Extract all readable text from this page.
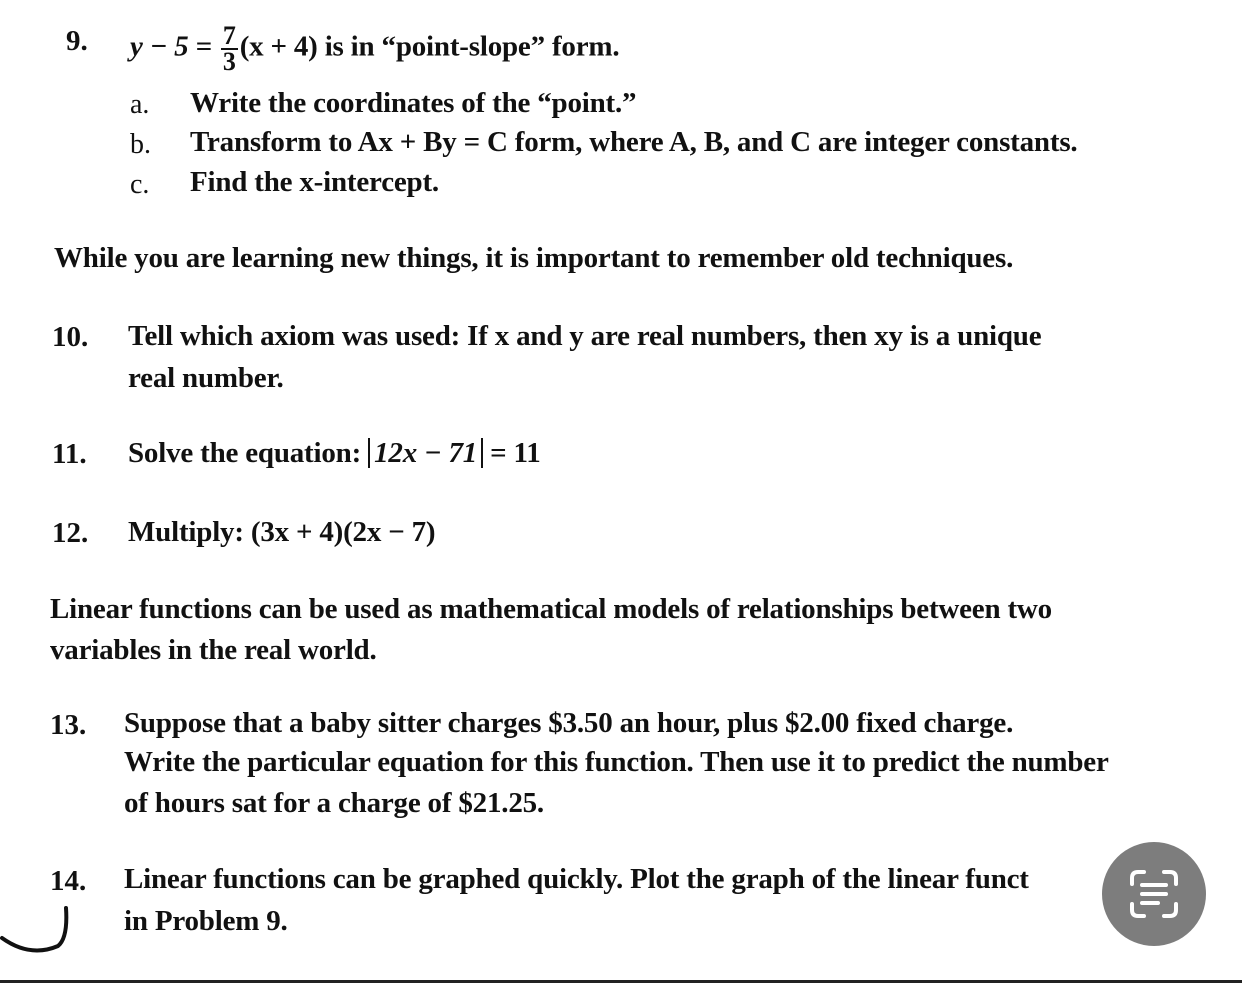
9. $y - 5 = \frac{7}{3} (x + 4)$ is in “point-slope” form.
a. Write the coordinates of the “point.”
b. Transform to Ax + By = C form, where A, B, and C are integer constants.
c. Find the x-intercept.
While you are learning new things, it is important to remember old techniques.
10. Tell which axiom was used: If x and y are real numbers, then xy is a unique
real number.
11. Solve the equation: 12x − 71 = 11
12. Multiply: (3x + 4)(2x − 7)
Linear functions can be used as mathematical models of relationships between two
variables in the real world.
13. Suppose that a baby sitter charges $3.50 an hour, plus $2.00 fixed charge.
Write the particular equation for this function. Then use it to predict the number
of hours sat for a charge of $21.25.
14. Linear functions can be graphed quickly. Plot the graph of the linear funct
in Problem 9.
